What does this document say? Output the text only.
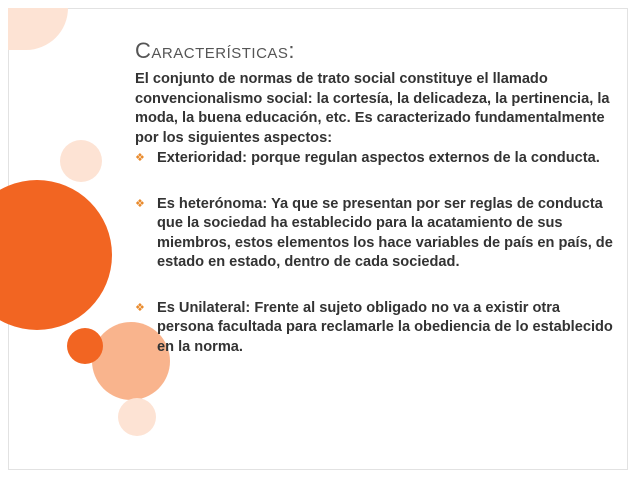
Características:

El conjunto de normas de trato social constituye el llamado convencionalismo social: la cortesía, la delicadeza, la pertinencia, la moda, la buena educación, etc. Es caracterizado fundamentalmente por los siguientes aspectos:

❖ Exterioridad: porque regulan aspectos externos de la conducta.
❖ Es heterónoma: Ya que se presentan por ser reglas de conducta que la sociedad ha establecido para la acatamiento de sus miembros, estos elementos los hace variables de país en país, de estado en estado, dentro de cada sociedad.
❖ Es Unilateral: Frente al sujeto obligado no va a existir otra persona facultada para reclamarle la obediencia de lo establecido en la norma.
